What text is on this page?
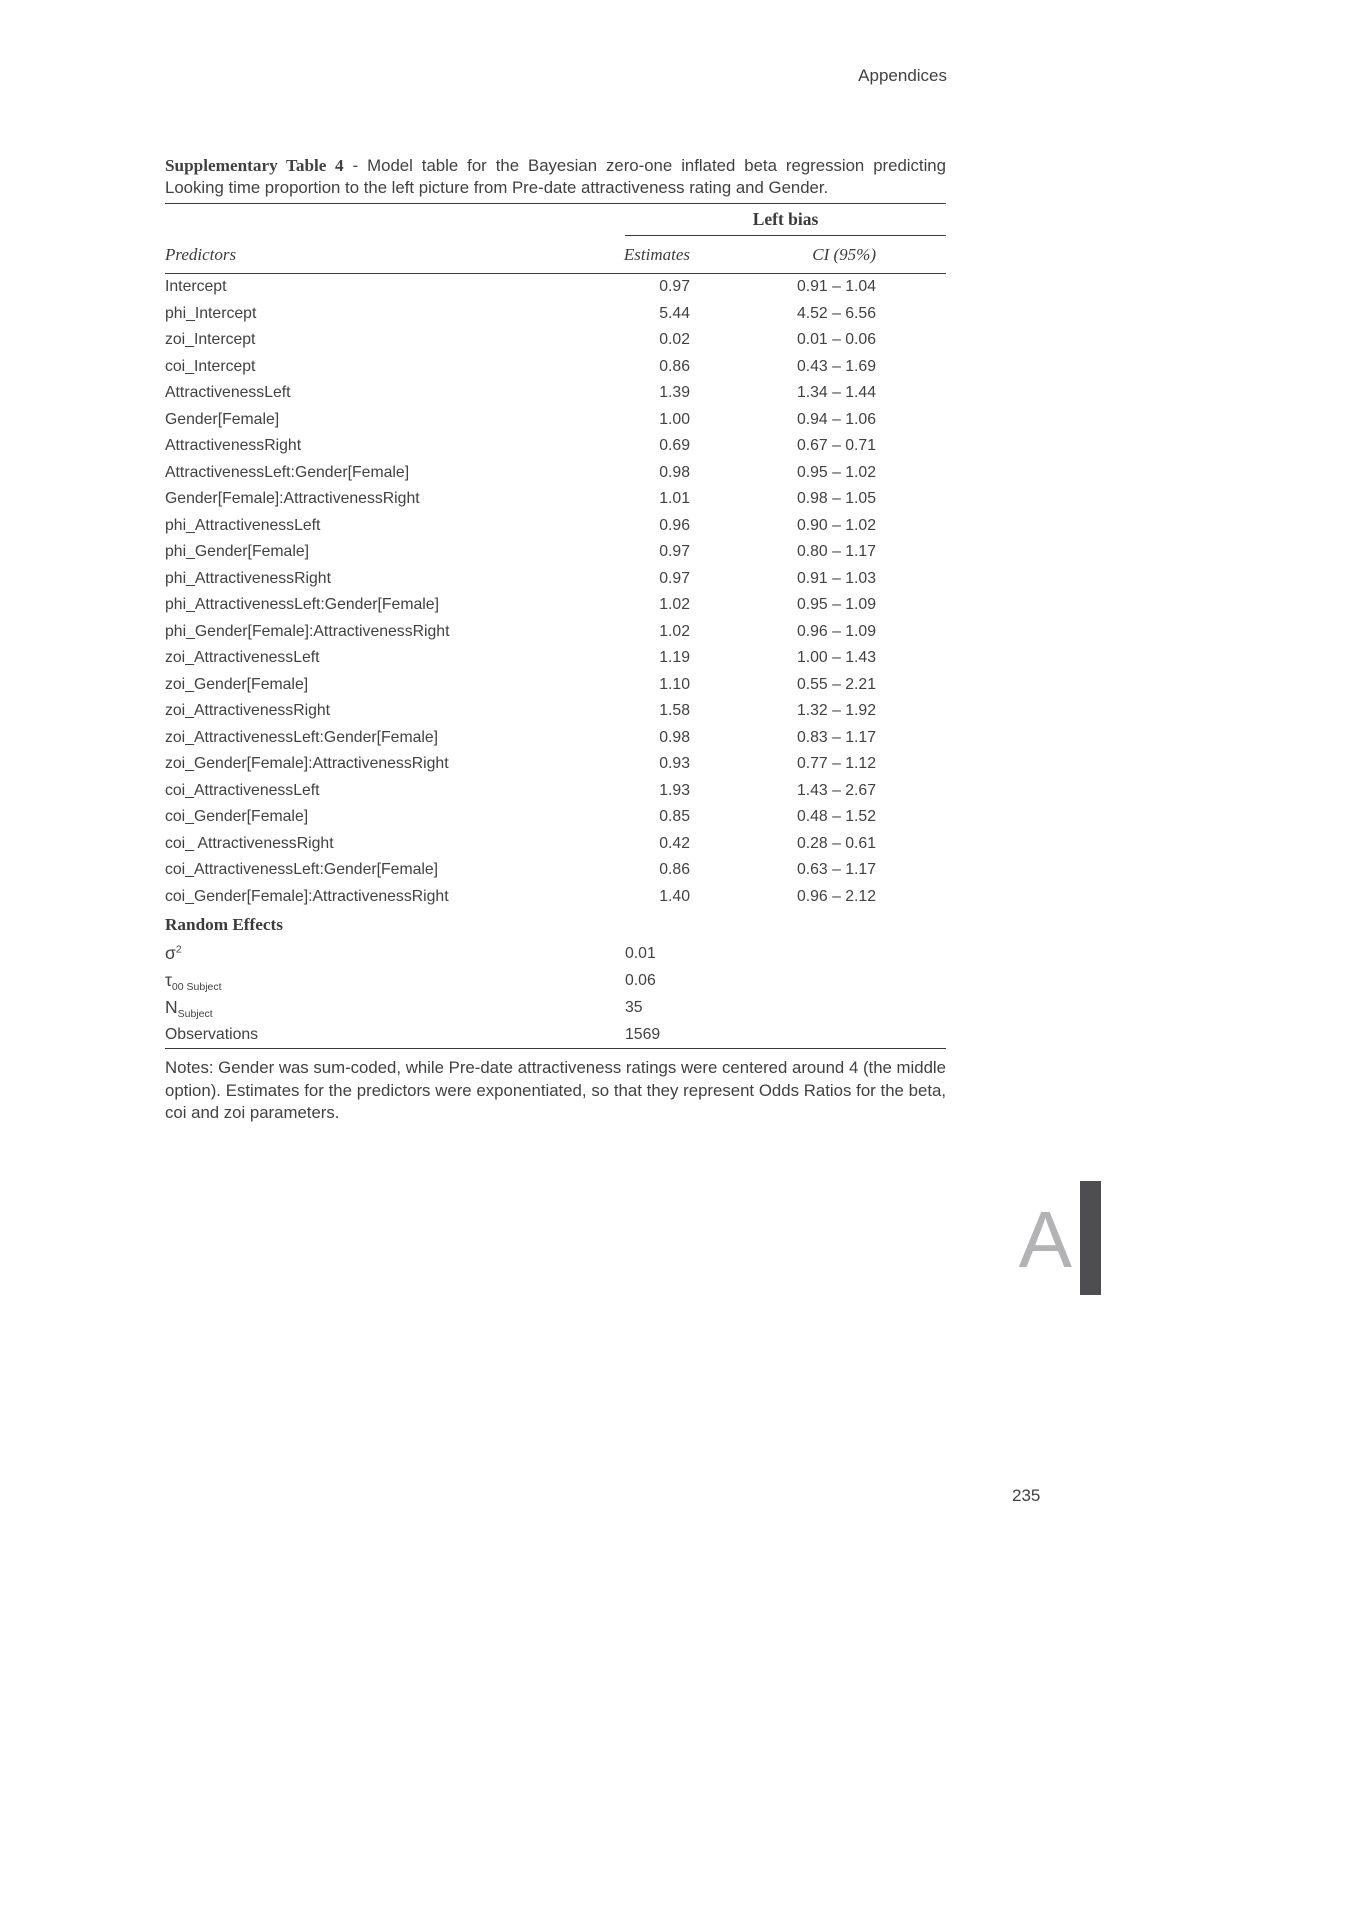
Appendices

Supplementary Table 4 - Model table for the Bayesian zero-one inflated beta regression predicting Looking time proportion to the left picture from Pre-date attractiveness rating and Gender.

Left bias
Predictors	Estimates	CI (95%)
Intercept	0.97	0.91 – 1.04
phi_Intercept	5.44	4.52 – 6.56
zoi_Intercept	0.02	0.01 – 0.06
coi_Intercept	0.86	0.43 – 1.69
AttractivenessLeft	1.39	1.34 – 1.44
Gender[Female]	1.00	0.94 – 1.06
AttractivenessRight	0.69	0.67 – 0.71
AttractivenessLeft:Gender[Female]	0.98	0.95 – 1.02
Gender[Female]:AttractivenessRight	1.01	0.98 – 1.05
phi_AttractivenessLeft	0.96	0.90 – 1.02
phi_Gender[Female]	0.97	0.80 – 1.17
phi_AttractivenessRight	0.97	0.91 – 1.03
phi_AttractivenessLeft:Gender[Female]	1.02	0.95 – 1.09
phi_Gender[Female]:AttractivenessRight	1.02	0.96 – 1.09
zoi_AttractivenessLeft	1.19	1.00 – 1.43
zoi_Gender[Female]	1.10	0.55 – 2.21
zoi_AttractivenessRight	1.58	1.32 – 1.92
zoi_AttractivenessLeft:Gender[Female]	0.98	0.83 – 1.17
zoi_Gender[Female]:AttractivenessRight	0.93	0.77 – 1.12
coi_AttractivenessLeft	1.93	1.43 – 2.67
coi_Gender[Female]	0.85	0.48 – 1.52
coi_ AttractivenessRight	0.42	0.28 – 0.61
coi_AttractivenessLeft:Gender[Female]	0.86	0.63 – 1.17
coi_Gender[Female]:AttractivenessRight	1.40	0.96 – 2.12
Random Effects
$\sigma^2$	0.01
$\tau_{00 Subject}$	0.06
$N_{Subject}$	35
Observations	1569

Notes: Gender was sum-coded, while Pre-date attractiveness ratings were centered around 4 (the middle option). Estimates for the predictors were exponentiated, so that they represent Odds Ratios for the beta, coi and zoi parameters.

A
235
